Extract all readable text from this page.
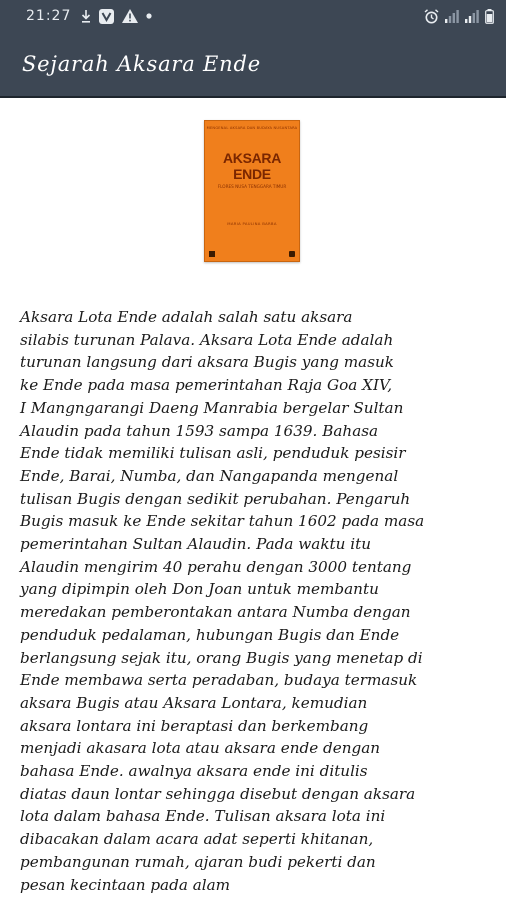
21:27
Sejarah Aksara Ende
MENGENAL AKSARA DAN BUDAYA NUSANTARA
AKSARA ENDE
FLORES NUSA TENGGARA TIMUR
MARIA PAULINA BARBA
Aksara Lota Ende adalah salah satu aksara
silabis turunan Palava. Aksara Lota Ende adalah
turunan langsung dari aksara Bugis yang masuk
ke Ende pada masa pemerintahan Raja Goa XIV,
I Mangngarangi Daeng Manrabia bergelar Sultan
Alaudin pada tahun 1593 sampa 1639. Bahasa
Ende tidak memiliki tulisan asli, penduduk pesisir
Ende, Barai, Numba, dan Nangapanda mengenal
tulisan Bugis dengan sedikit perubahan. Pengaruh
Bugis masuk ke Ende sekitar tahun 1602 pada masa
pemerintahan Sultan Alaudin. Pada waktu itu
Alaudin mengirim 40 perahu dengan 3000 tentang
yang dipimpin oleh Don Joan untuk membantu
meredakan pemberontakan antara Numba dengan
penduduk pedalaman, hubungan Bugis dan Ende
berlangsung sejak itu, orang Bugis yang menetap di
Ende membawa serta peradaban, budaya termasuk
aksara Bugis atau Aksara Lontara, kemudian
aksara lontara ini beraptasi dan berkembang
menjadi akasara lota atau aksara ende dengan
bahasa Ende. awalnya aksara ende ini ditulis
diatas daun lontar sehingga disebut dengan aksara
lota dalam bahasa Ende. Tulisan aksara lota ini
dibacakan dalam acara adat seperti khitanan,
pembangunan rumah, ajaran budi pekerti dan
pesan kecintaan pada alam
